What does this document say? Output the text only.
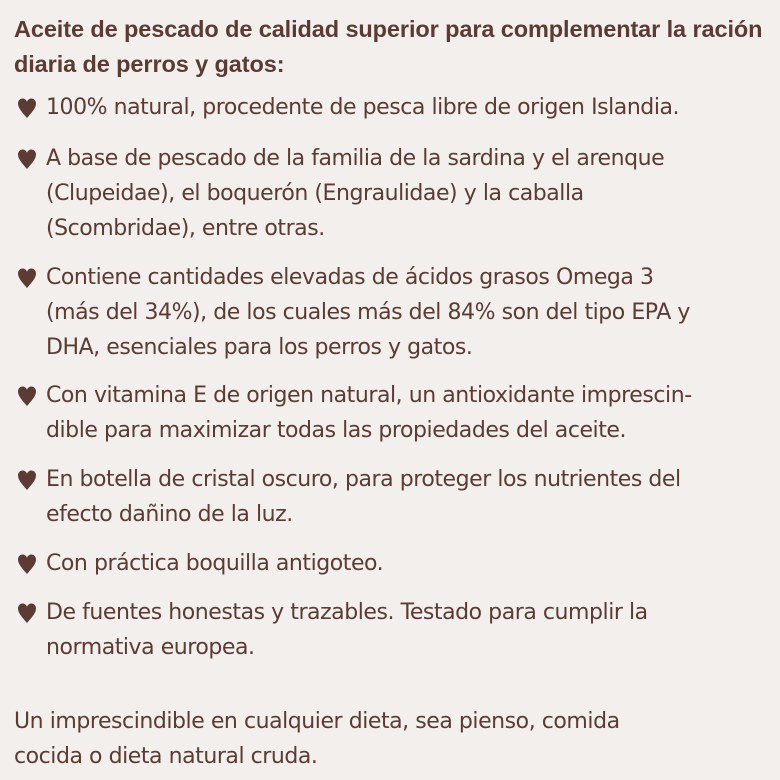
Aceite de pescado de calidad superior para complementar la ración diaria de perros y gatos:

100% natural, procedente de pesca libre de origen Islandia.
A base de pescado de la familia de la sardina y el arenque
(Clupeidae), el boquerón (Engraulidae) y la caballa
(Scombridae), entre otras.
Contiene cantidades elevadas de ácidos grasos Omega 3
(más del 34%), de los cuales más del 84% son del tipo EPA y
DHA, esenciales para los perros y gatos.
Con vitamina E de origen natural, un antioxidante imprescin-
dible para maximizar todas las propiedades del aceite.
En botella de cristal oscuro, para proteger los nutrientes del
efecto dañino de la luz.
Con práctica boquilla antigoteo.
De fuentes honestas y trazables. Testado para cumplir la
normativa europea.

Un imprescindible en cualquier dieta, sea pienso, comida
cocida o dieta natural cruda.
